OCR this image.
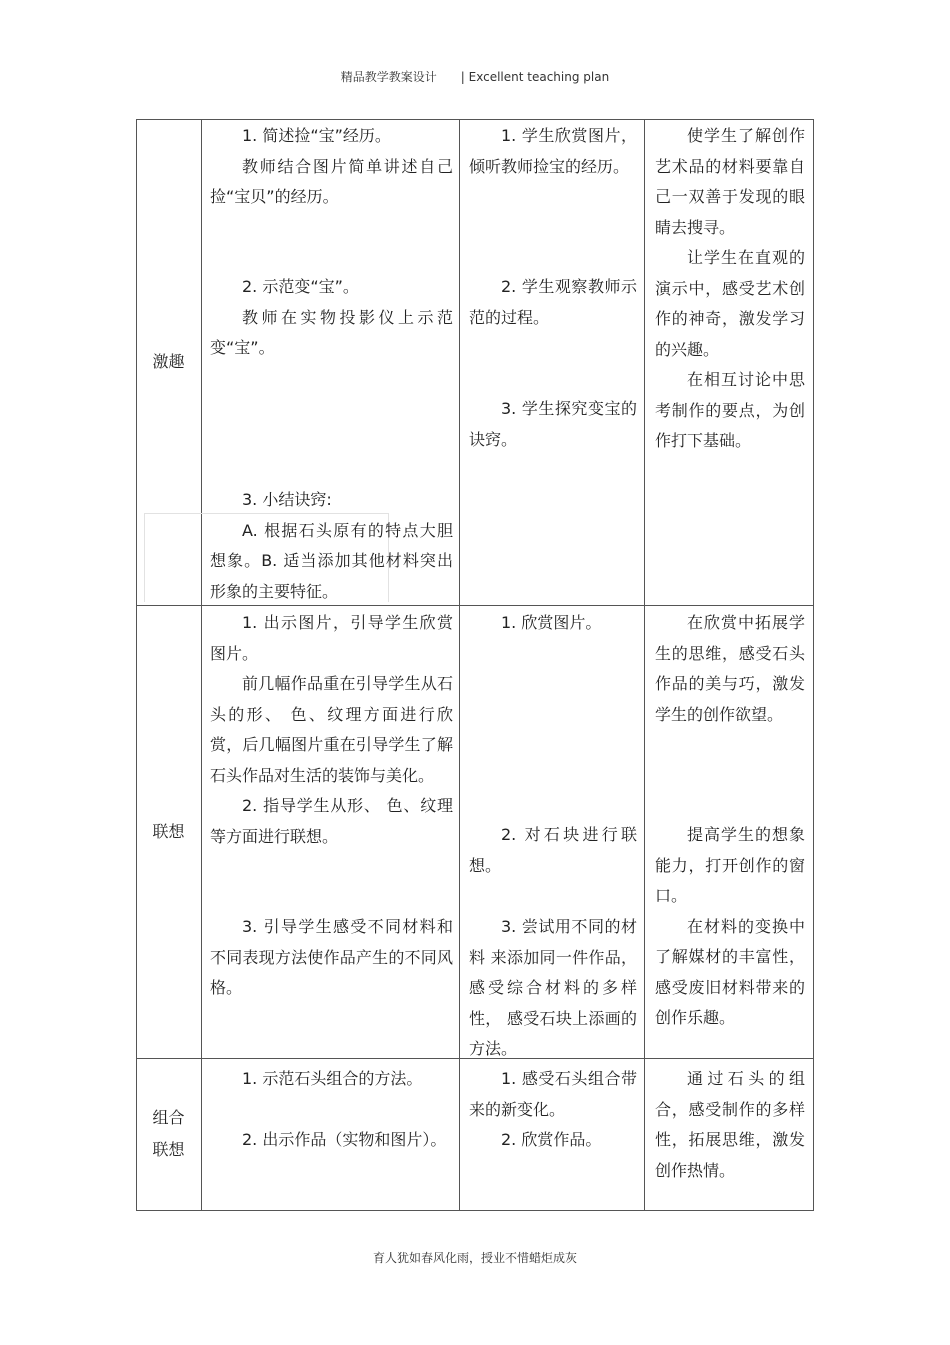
精品教学教案设计　　| Excellent teaching plan
激趣

1. 简述捡“宝”经历。

教师结合图片简单讲述自己捡“宝贝”的经历。

2. 示范变“宝”。

教师在实物投影仪上示范变“宝”。

3. 小结诀窍:

A. 根据石头原有的特点大胆想象。B. 适当添加其他材料突出形象的主要特征。

1. 学生欣赏图片，倾听教师捡宝的经历。

2. 学生观察教师示范的过程。

3. 学生探究变宝的诀窍。

使学生了解创作艺术品的材料要靠自己一双善于发现的眼睛去搜寻。

让学生在直观的演示中，感受艺术创作的神奇，激发学习的兴趣。

在相互讨论中思考制作的要点，为创作打下基础。

联想

1. 出示图片，引导学生欣赏图片。

前几幅作品重在引导学生从石头的形、 色、纹理方面进行欣赏，后几幅图片重在引导学生了解石头作品对生活的装饰与美化。

2. 指导学生从形、 色、纹理等方面进行联想。

3. 引导学生感受不同材料和不同表现方法使作品产生的不同风格。

1. 欣赏图片。

2. 对石块进行联想。

3. 尝试用不同的材料 来添加同一件作品，感受综合材料的多样性， 感受石块上添画的方法。

在欣赏中拓展学生的思维，感受石头作品的美与巧，激发学生的创作欲望。

提高学生的想象能力，打开创作的窗口。

在材料的变换中了解媒材的丰富性，感受废旧材料带来的创作乐趣。

组合
联想

1. 示范石头组合的方法。

2. 出示作品（实物和图片）。

1. 感受石头组合带来的新变化。

2. 欣赏作品。

通过石头的组合，感受制作的多样性，拓展思维，激发创作热情。

育人犹如春风化雨，授业不惜蜡炬成灰
